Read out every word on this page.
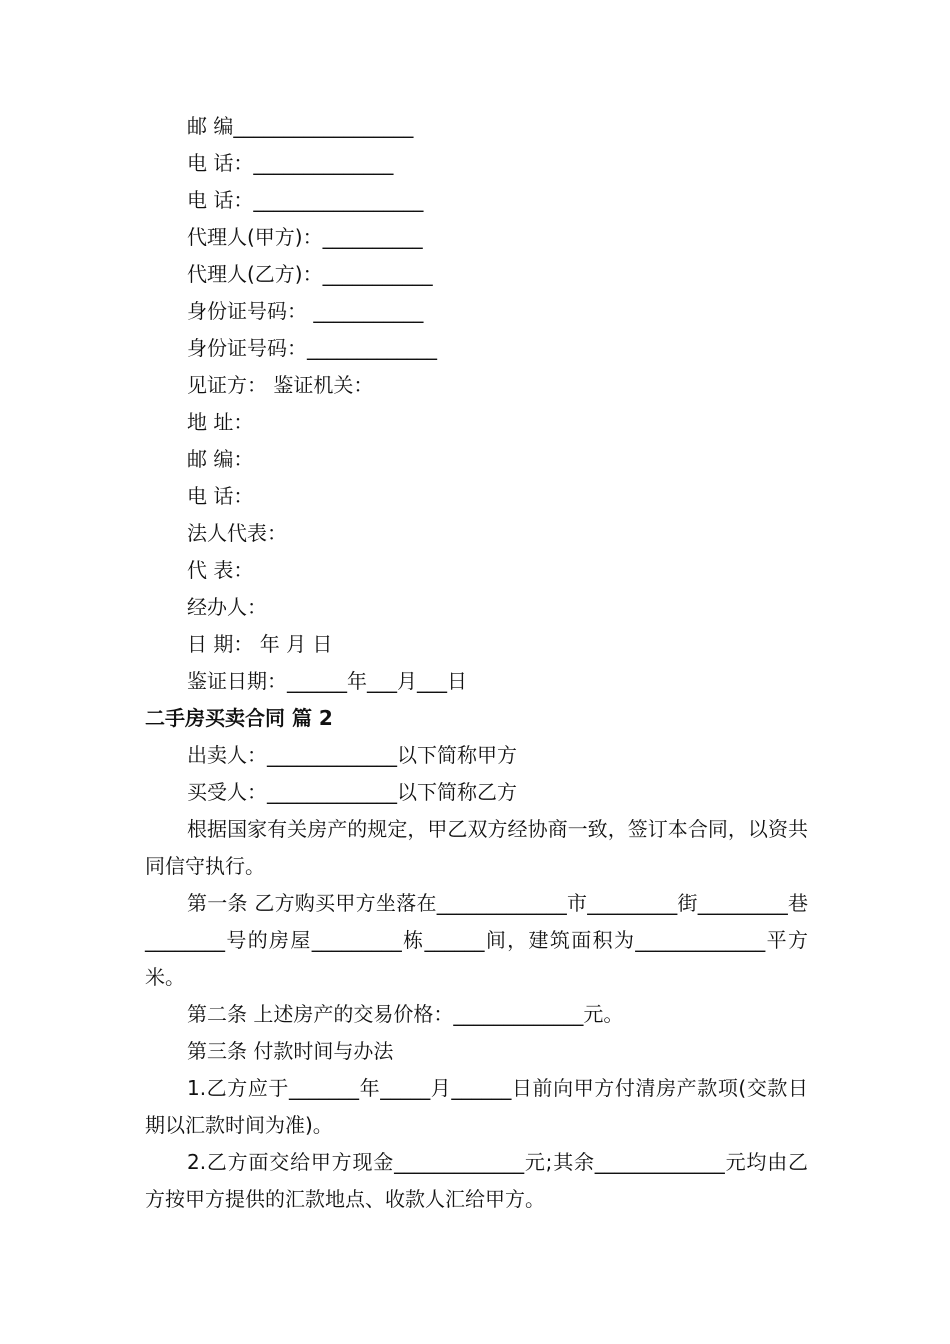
邮 编__________________
电 话：______________
电 话：_________________
代理人(甲方)：__________
代理人(乙方)：___________
身份证号码： ___________
身份证号码：_____________
见证方： 鉴证机关：
地 址：
邮 编：
电 话：
法人代表：
代 表：
经办人：
日 期： 年 月 日
鉴证日期：______年___月___日
二手房买卖合同 篇 2
出卖人：_____________以下简称甲方
买受人：_____________以下简称乙方
根据国家有关房产的规定，甲乙双方经协商一致，签订本合同，以资共同信守执行。
第一条 乙方购买甲方坐落在_____________市_________街_________巷________号的房屋_________栋______间，建筑面积为_____________平方米。
第二条 上述房产的交易价格：_____________元。
第三条 付款时间与办法
1.乙方应于_______年_____月______日前向甲方付清房产款项(交款日期以汇款时间为准)。
2.乙方面交给甲方现金_____________元;其余_____________元均由乙方按甲方提供的汇款地点、收款人汇给甲方。
